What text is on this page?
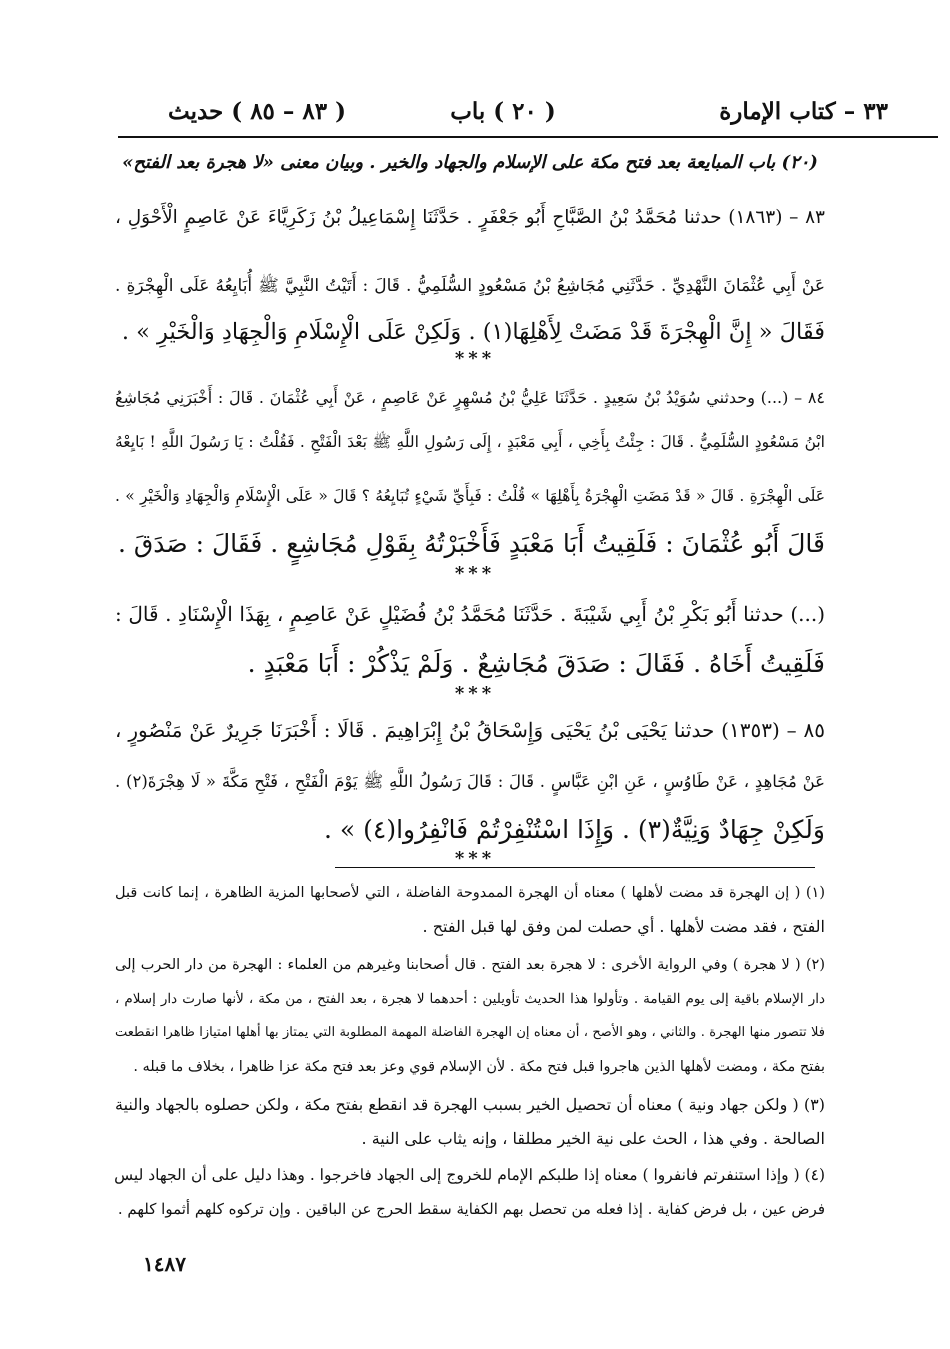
٣٣ – كتاب الإمارة
( ٢٠ ) باب
( ٨٣ – ٨٥ ) حديث
(٢٠) باب المبايعة بعد فتح مكة على الإسلام والجهاد والخير . وبيان معنى «لا هجرة بعد الفتح»
٨٣ – (١٨٦٣) حدثنا مُحَمَّدُ بْنُ الصَّبَّاحِ أَبُو جَعْفَرٍ . حَدَّثَنَا إِسْمَاعِيلُ بْنُ زَكَرِيَّاءَ عَنْ عَاصِمٍ الْأَحْوَلِ ،
عَنْ أَبِي عُثْمَانَ النَّهْدِيِّ . حَدَّثَنِي مُجَاشِعُ بْنُ مَسْعُودٍ السُّلَمِيُّ . قَالَ : أَتَيْتُ النَّبِيَّ ﷺ أُبَايِعُهُ عَلَى الْهِجْرَةِ .
فَقَالَ « إِنَّ الْهِجْرَةَ قَدْ مَضَتْ لِأَهْلِهَا(١) . وَلَكِنْ عَلَى الْإِسْلَامِ وَالْجِهَادِ وَالْخَيْرِ » .
***
٨٤ – (...) وحدثني سُوَيْدُ بْنُ سَعِيدٍ . حَدَّثَنَا عَلِيُّ بْنُ مُسْهِرٍ عَنْ عَاصِمٍ ، عَنْ أَبِي عُثْمَانَ . قَالَ : أَخْبَرَنِي مُجَاشِعُ
ابْنُ مَسْعُودٍ السُّلَمِيُّ . قَالَ : جِئْتُ بِأَخِي ، أَبِي مَعْبَدٍ ، إِلَى رَسُولِ اللَّهِ ﷺ بَعْدَ الْفَتْحِ . فَقُلْتُ : يَا رَسُولَ اللَّهِ ! بَايِعْهُ
عَلَى الْهِجْرَةِ . قَالَ « قَدْ مَضَتِ الْهِجْرَةُ بِأَهْلِهَا » قُلْتُ : فَبِأَيِّ شَيْءٍ تُبَايِعُهُ ؟ قَالَ « عَلَى الْإِسْلَامِ وَالْجِهَادِ وَالْخَيْرِ » .
قَالَ أَبُو عُثْمَانَ : فَلَقِيتُ أَبَا مَعْبَدٍ فَأَخْبَرْتُهُ بِقَوْلِ مُجَاشِعٍ . فَقَالَ : صَدَقَ .
***
(...) حدثنا أَبُو بَكْرِ بْنُ أَبِي شَيْبَةَ . حَدَّثَنَا مُحَمَّدُ بْنُ فُضَيْلٍ عَنْ عَاصِمٍ ، بِهَذَا الْإِسْنَادِ . قَالَ :
فَلَقِيتُ أَخَاهُ . فَقَالَ : صَدَقَ مُجَاشِعٌ . وَلَمْ يَذْكُرْ : أَبَا مَعْبَدٍ .
***
٨٥ – (١٣٥٣) حدثنا يَحْيَى بْنُ يَحْيَى وَإِسْحَاقُ بْنُ إِبْرَاهِيمَ . قَالَا : أَخْبَرَنَا جَرِيرٌ عَنْ مَنْصُورٍ ،
عَنْ مُجَاهِدٍ ، عَنْ طَاوُسٍ ، عَنِ ابْنِ عَبَّاسٍ . قَالَ : قَالَ رَسُولُ اللَّهِ ﷺ يَوْمَ الْفَتْحِ ، فَتْحِ مَكَّةَ « لَا هِجْرَةَ(٢) .
وَلَكِنْ جِهَادٌ وَنِيَّةٌ(٣) . وَإِذَا اسْتُنْفِرْتُمْ فَانْفِرُوا(٤) » .
***
(١) ( إن الهجرة قد مضت لأهلها ) معناه أن الهجرة الممدوحة الفاضلة ، التي لأصحابها المزية الظاهرة ، إنما كانت قبل
الفتح ، فقد مضت لأهلها . أي حصلت لمن وفق لها قبل الفتح .
(٢) ( لا هجرة ) وفي الرواية الأخرى : لا هجرة بعد الفتح . قال أصحابنا وغيرهم من العلماء : الهجرة من دار الحرب إلى
دار الإسلام باقية إلى يوم القيامة . وتأولوا هذا الحديث تأويلين : أحدهما لا هجرة ، بعد الفتح ، من مكة ، لأنها صارت دار إسلام ،
فلا تتصور منها الهجرة . والثاني ، وهو الأصح ، أن معناه إن الهجرة الفاضلة المهمة المطلوبة التي يمتاز بها أهلها امتيازا ظاهرا انقطعت
بفتح مكة ، ومضت لأهلها الذين هاجروا قبل فتح مكة . لأن الإسلام قوي وعز بعد فتح مكة عزا ظاهرا ، بخلاف ما قبله .
(٣) ( ولكن جهاد ونية ) معناه أن تحصيل الخير بسبب الهجرة قد انقطع بفتح مكة ، ولكن حصلوه بالجهاد والنية
الصالحة . وفي هذا ، الحث على نية الخير مطلقا ، وإنه يثاب على النية .
(٤) ( وإذا استنفرتم فانفروا ) معناه إذا طلبكم الإمام للخروج إلى الجهاد فاخرجوا . وهذا دليل على أن الجهاد ليس
فرض عين ، بل فرض كفاية . إذا فعله من تحصل بهم الكفاية سقط الحرج عن الباقين . وإن تركوه كلهم أثموا كلهم .
١٤٨٧
